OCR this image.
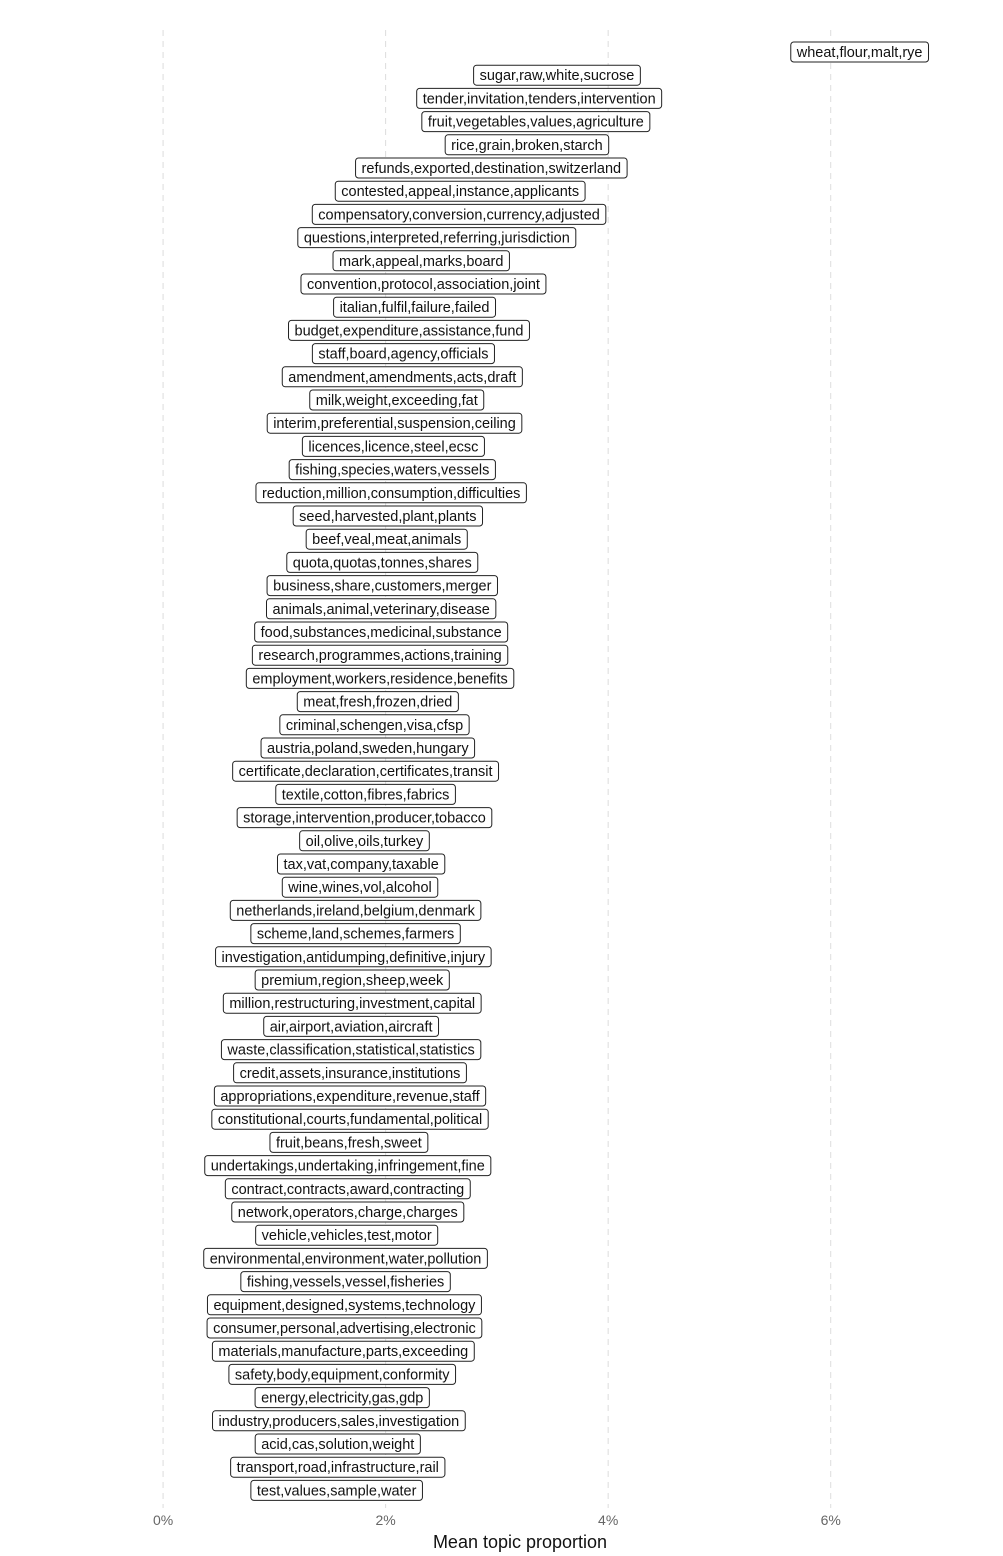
wheat,flour,malt,rye
sugar,raw,white,sucrose
tender,invitation,tenders,intervention
fruit,vegetables,values,agriculture
rice,grain,broken,starch
refunds,exported,destination,switzerland
contested,appeal,instance,applicants
compensatory,conversion,currency,adjusted
questions,interpreted,referring,jurisdiction
mark,appeal,marks,board
convention,protocol,association,joint
italian,fulfil,failure,failed
budget,expenditure,assistance,fund
staff,board,agency,officials
amendment,amendments,acts,draft
milk,weight,exceeding,fat
interim,preferential,suspension,ceiling
licences,licence,steel,ecsc
fishing,species,waters,vessels
reduction,million,consumption,difficulties
seed,harvested,plant,plants
beef,veal,meat,animals
quota,quotas,tonnes,shares
business,share,customers,merger
animals,animal,veterinary,disease
food,substances,medicinal,substance
research,programmes,actions,training
employment,workers,residence,benefits
meat,fresh,frozen,dried
criminal,schengen,visa,cfsp
austria,poland,sweden,hungary
certificate,declaration,certificates,transit
textile,cotton,fibres,fabrics
storage,intervention,producer,tobacco
oil,olive,oils,turkey
tax,vat,company,taxable
wine,wines,vol,alcohol
netherlands,ireland,belgium,denmark
scheme,land,schemes,farmers
investigation,antidumping,definitive,injury
premium,region,sheep,week
million,restructuring,investment,capital
air,airport,aviation,aircraft
waste,classification,statistical,statistics
credit,assets,insurance,institutions
appropriations,expenditure,revenue,staff
constitutional,courts,fundamental,political
fruit,beans,fresh,sweet
undertakings,undertaking,infringement,fine
contract,contracts,award,contracting
network,operators,charge,charges
vehicle,vehicles,test,motor
environmental,environment,water,pollution
fishing,vessels,vessel,fisheries
equipment,designed,systems,technology
consumer,personal,advertising,electronic
materials,manufacture,parts,exceeding
safety,body,equipment,conformity
energy,electricity,gas,gdp
industry,producers,sales,investigation
acid,cas,solution,weight
transport,road,infrastructure,rail
test,values,sample,water
0%	2%	4%	6%
Mean topic proportion
